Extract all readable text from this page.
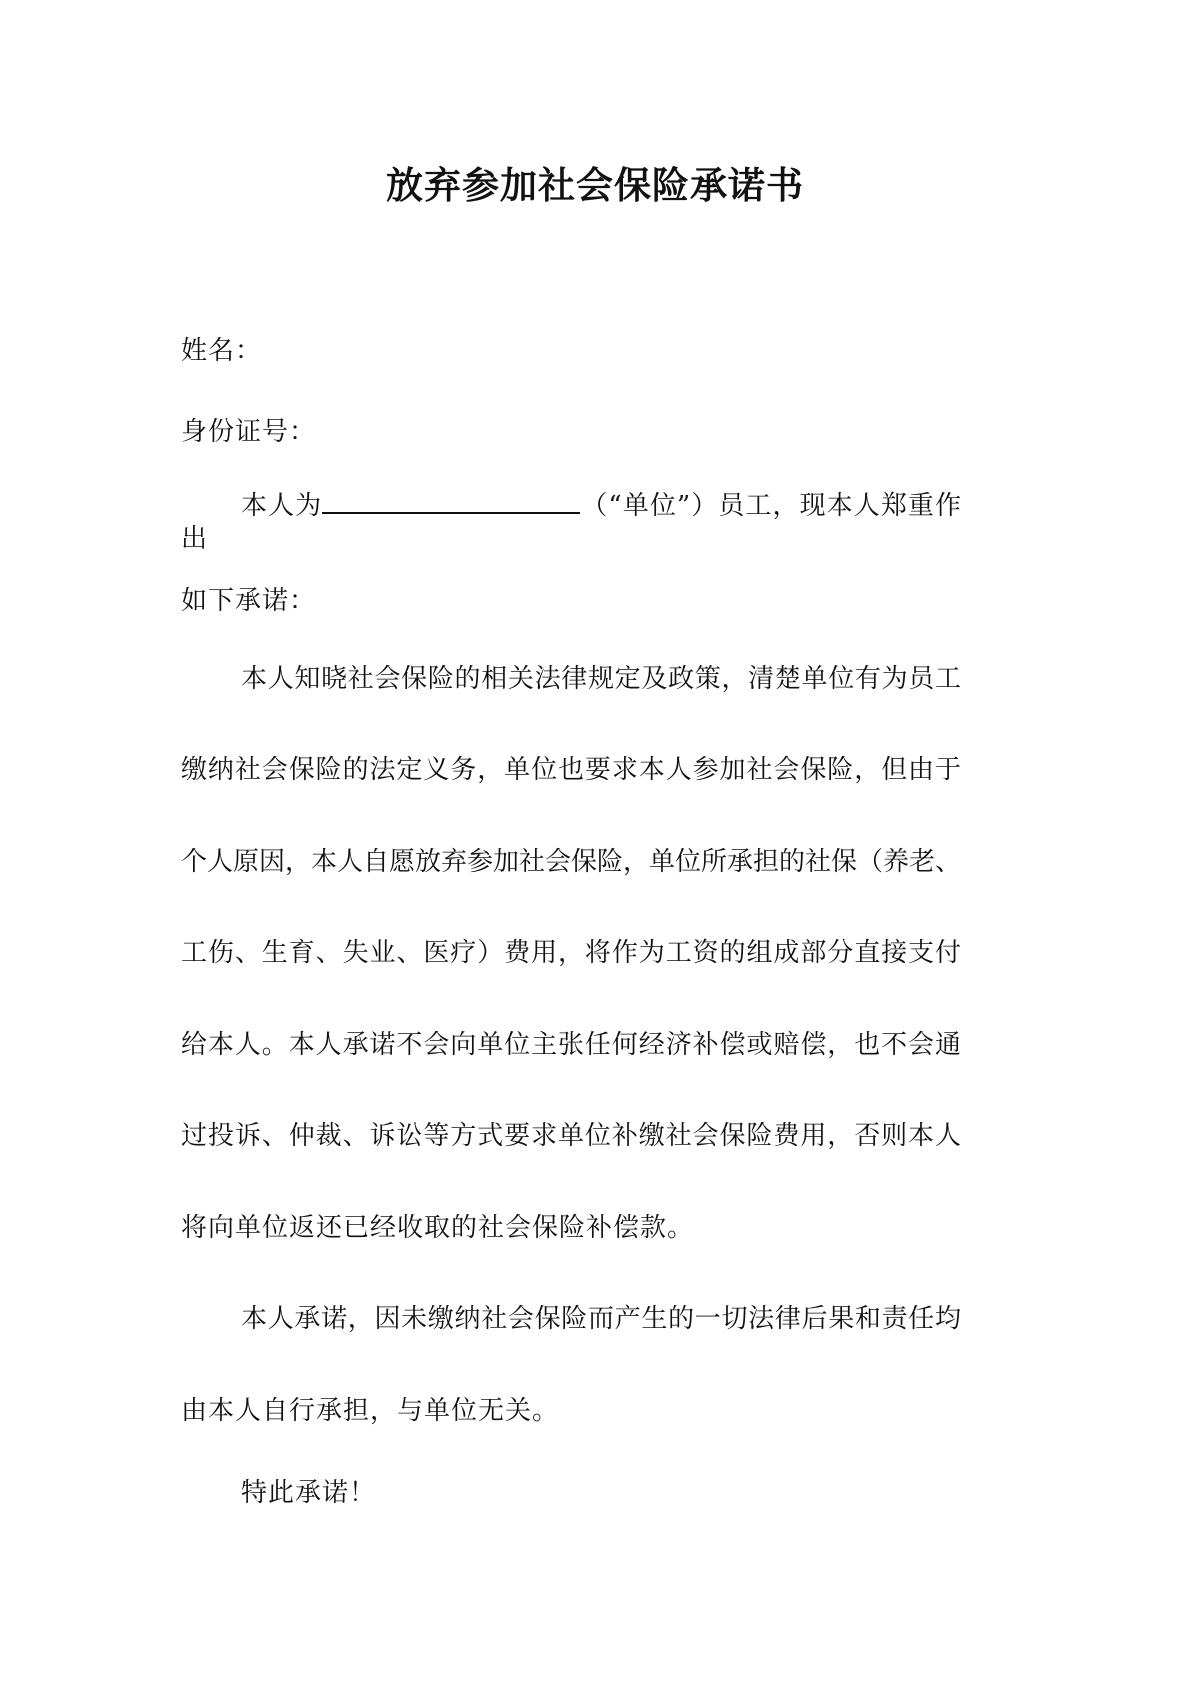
放弃参加社会保险承诺书
姓名：
身份证号：
本人为	（“单位”）员工，现本人郑重作出
如下承诺：
本人知晓社会保险的相关法律规定及政策，清楚单位有为员工
缴纳社会保险的法定义务，单位也要求本人参加社会保险，但由于
个人原因，本人自愿放弃参加社会保险，单位所承担的社保（养老、
工伤、生育、失业、医疗）费用，将作为工资的组成部分直接支付
给本人。本人承诺不会向单位主张任何经济补偿或赔偿，也不会通
过投诉、仲裁、诉讼等方式要求单位补缴社会保险费用，否则本人
将向单位返还已经收取的社会保险补偿款。
本人承诺，因未缴纳社会保险而产生的一切法律后果和责任均
由本人自行承担，与单位无关。
特此承诺！
